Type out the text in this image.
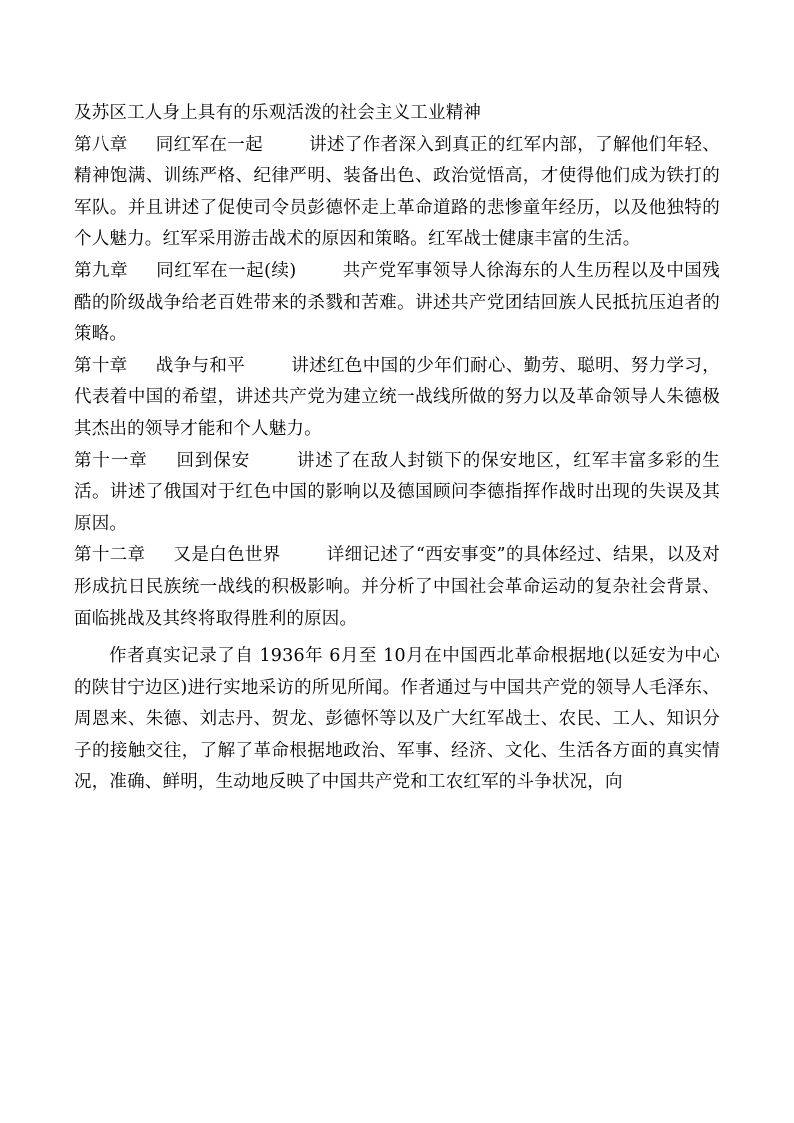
及苏区工人身上具有的乐观活泼的社会主义工业精神

第八章 同红军在一起	讲述了作者深入到真正的红军内部，了解他们年轻、精神饱满、训练严格、纪律严明、装备出色、政治觉悟高，才使得他们成为铁打的军队。并且讲述了促使司令员彭德怀走上革命道路的悲惨童年经历，以及他独特的个人魅力。红军采用游击战术的原因和策略。红军战士健康丰富的生活。

第九章 同红军在一起(续)	共产党军事领导人徐海东的人生历程以及中国残酷的阶级战争给老百姓带来的杀戮和苦难。讲述共产党团结回族人民抵抗压迫者的策略。

第十章 战争与和平	讲述红色中国的少年们耐心、勤劳、聪明、努力学习，代表着中国的希望，讲述共产党为建立统一战线所做的努力以及革命领导人朱德极其杰出的领导才能和个人魅力。

第十一章 回到保安	讲述了在敌人封锁下的保安地区，红军丰富多彩的生活。讲述了俄国对于红色中国的影响以及德国顾问李德指挥作战时出现的失误及其原因。

第十二章 又是白色世界	详细记述了“西安事变”的具体经过、结果，以及对形成抗日民族统一战线的积极影响。并分析了中国社会革命运动的复杂社会背景、面临挑战及其终将取得胜利的原因。

作者真实记录了自 1936年 6月至 10月在中国西北革命根据地(以延安为中心的陕甘宁边区)进行实地采访的所见所闻。作者通过与中国共产党的领导人毛泽东、周恩来、朱德、刘志丹、贺龙、彭德怀等以及广大红军战士、农民、工人、知识分子的接触交往，了解了革命根据地政治、军事、经济、文化、生活各方面的真实情况，准确、鲜明，生动地反映了中国共产党和工农红军的斗争状况，向
